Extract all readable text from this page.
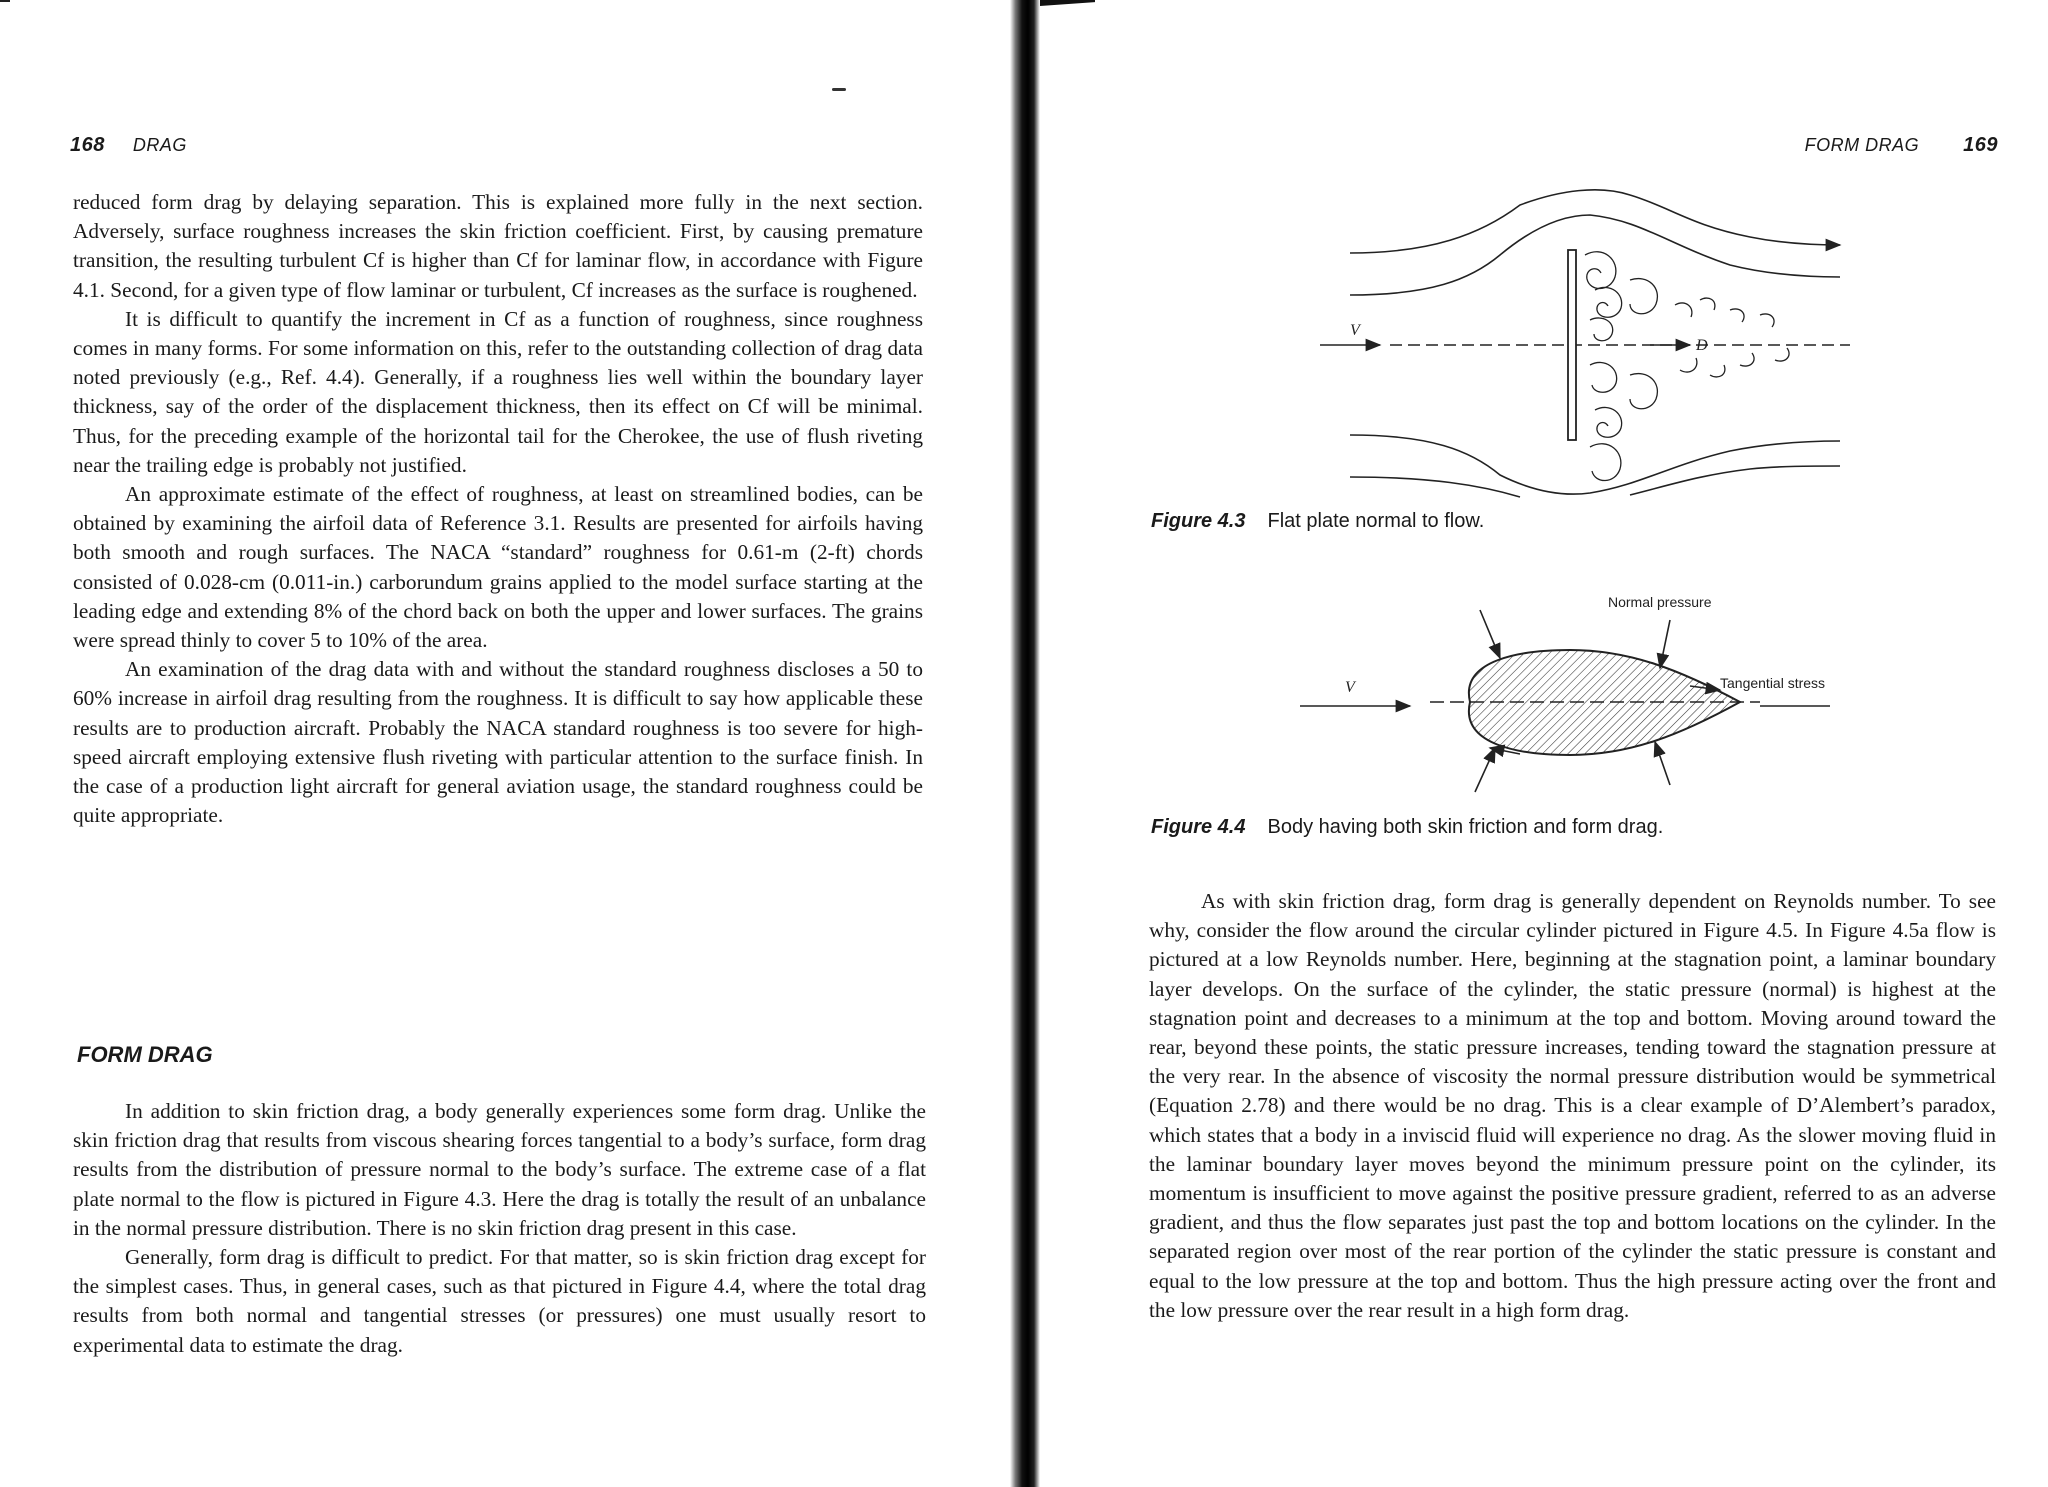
168 DRAG

reduced form drag by delaying separation. This is explained more fully in the next section. Adversely, surface roughness increases the skin friction coefficient. First, by causing premature transition, the resulting turbulent Cf is higher than Cf for laminar flow, in accordance with Figure 4.1. Second, for a given type of flow laminar or turbulent, Cf increases as the surface is roughened.

It is difficult to quantify the increment in Cf as a function of roughness, since roughness comes in many forms. For some information on this, refer to the outstanding collection of drag data noted previously (e.g., Ref. 4.4). Generally, if a roughness lies well within the boundary layer thickness, say of the order of the displacement thickness, then its effect on Cf will be minimal. Thus, for the preceding example of the horizontal tail for the Cherokee, the use of flush riveting near the trailing edge is probably not justified.

An approximate estimate of the effect of roughness, at least on streamlined bodies, can be obtained by examining the airfoil data of Reference 3.1. Results are presented for airfoils having both smooth and rough surfaces. The NACA “standard” roughness for 0.61-m (2-ft) chords consisted of 0.028-cm (0.011-in.) carborundum grains applied to the model surface starting at the leading edge and extending 8% of the chord back on both the upper and lower surfaces. The grains were spread thinly to cover 5 to 10% of the area.

An examination of the drag data with and without the standard roughness discloses a 50 to 60% increase in airfoil drag resulting from the roughness. It is difficult to say how applicable these results are to production aircraft. Probably the NACA standard roughness is too severe for high-speed aircraft employing extensive flush riveting with particular attention to the surface finish. In the case of a production light aircraft for general aviation usage, the standard roughness could be quite appropriate.

FORM DRAG

In addition to skin friction drag, a body generally experiences some form drag. Unlike the skin friction drag that results from viscous shearing forces tangential to a body’s surface, form drag results from the distribution of pressure normal to the body’s surface. The extreme case of a flat plate normal to the flow is pictured in Figure 4.3. Here the drag is totally the result of an unbalance in the normal pressure distribution. There is no skin friction drag present in this case.

Generally, form drag is difficult to predict. For that matter, so is skin friction drag except for the simplest cases. Thus, in general cases, such as that pictured in Figure 4.4, where the total drag results from both normal and tangential stresses (or pressures) one must usually resort to experimental data to estimate the drag.

FORM DRAG 169
V
D
Figure 4.3 Flat plate normal to flow.
V
Normal pressure
Tangential stress
Figure 4.4 Body having both skin friction and form drag.

As with skin friction drag, form drag is generally dependent on Reynolds number. To see why, consider the flow around the circular cylinder pictured in Figure 4.5. In Figure 4.5a flow is pictured at a low Reynolds number. Here, beginning at the stagnation point, a laminar boundary layer develops. On the surface of the cylinder, the static pressure (normal) is highest at the stagnation point and decreases to a minimum at the top and bottom. Moving around toward the rear, beyond these points, the static pressure increases, tending toward the stagnation pressure at the very rear. In the absence of viscosity the normal pressure distribution would be symmetrical (Equation 2.78) and there would be no drag. This is a clear example of D’Alembert’s paradox, which states that a body in a inviscid fluid will experience no drag. As the slower moving fluid in the laminar boundary layer moves beyond the minimum pressure point on the cylinder, its momentum is insufficient to move against the positive pressure gradient, referred to as an adverse gradient, and thus the flow separates just past the top and bottom locations on the cylinder. In the separated region over most of the rear portion of the cylinder the static pressure is constant and equal to the low pressure at the top and bottom. Thus the high pressure acting over the front and the low pressure over the rear result in a high form drag.
